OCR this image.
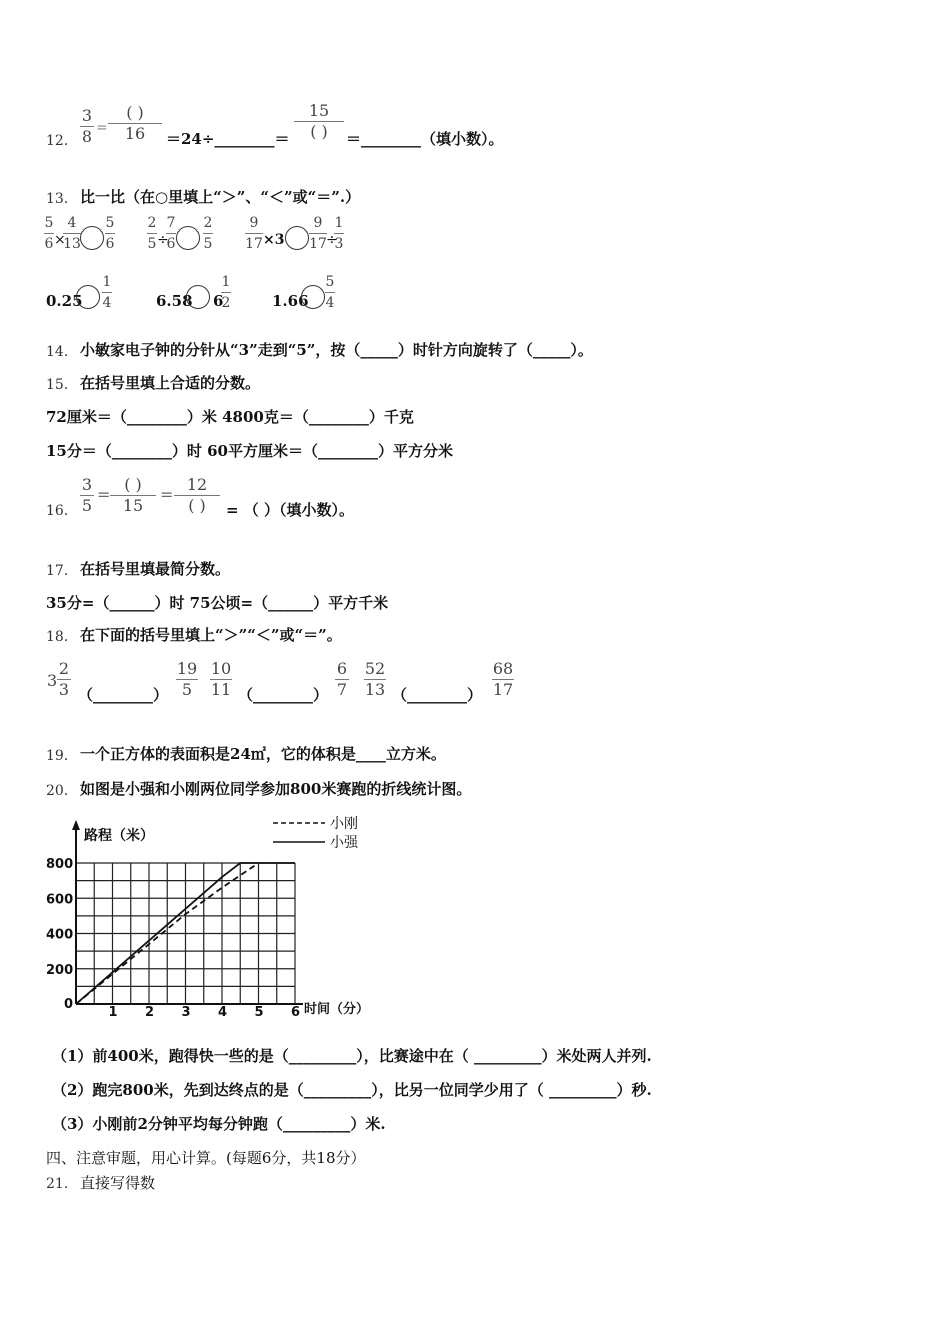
12．
3
8 =
( )
16	＝24÷________＝
15
( )	＝________（填小数）。
13． 比一比（在○里填上“＞”、“＜”或“＝”.）
5
6 ×
4
13
5
6
2
5 ÷
7
6
2
5
9
17 ×3
9
17 ÷
1
3
0.25
1
4	6.58 6
1
2	1.66
5
4
14． 小敏家电子钟的分针从“3”走到“5”，按（_____）时针方向旋转了（_____）。
15． 在括号里填上合适的分数。
72厘米＝（________）米 4800克＝（________）千克
15分＝（________）时 60平方厘米＝（________）平方分米
16．
3
5
=
( )
15
=
12
( )	= （ ）（填小数）。
17． 在括号里填最简分数。
35分=（______）时 75公顷=（______）平方千米
18． 在下面的括号里填上“＞”“＜”或“＝”。
3
2
3 （________）
19
5
10
11 （________）
6
7
52
13 （________）
68
17
19． 一个正方体的表面积是24㎡，它的体积是____立方米。
20． 如图是小强和小刚两位同学参加800米赛跑的折线统计图。
0
1 2 3 4 5 6
200
400
600
800
小刚
小强
路程（米）
时间（分）
（1）前400米，跑得快一些的是（_________），比赛途中在（ _________）米处两人并列.
（2）跑完800米，先到达终点的是（_________），比另一位同学少用了（ _________）秒.
（3）小刚前2分钟平均每分钟跑（_________）米.
四、注意审题，用心计算。(每题6分，共18分）
21． 直接写得数
